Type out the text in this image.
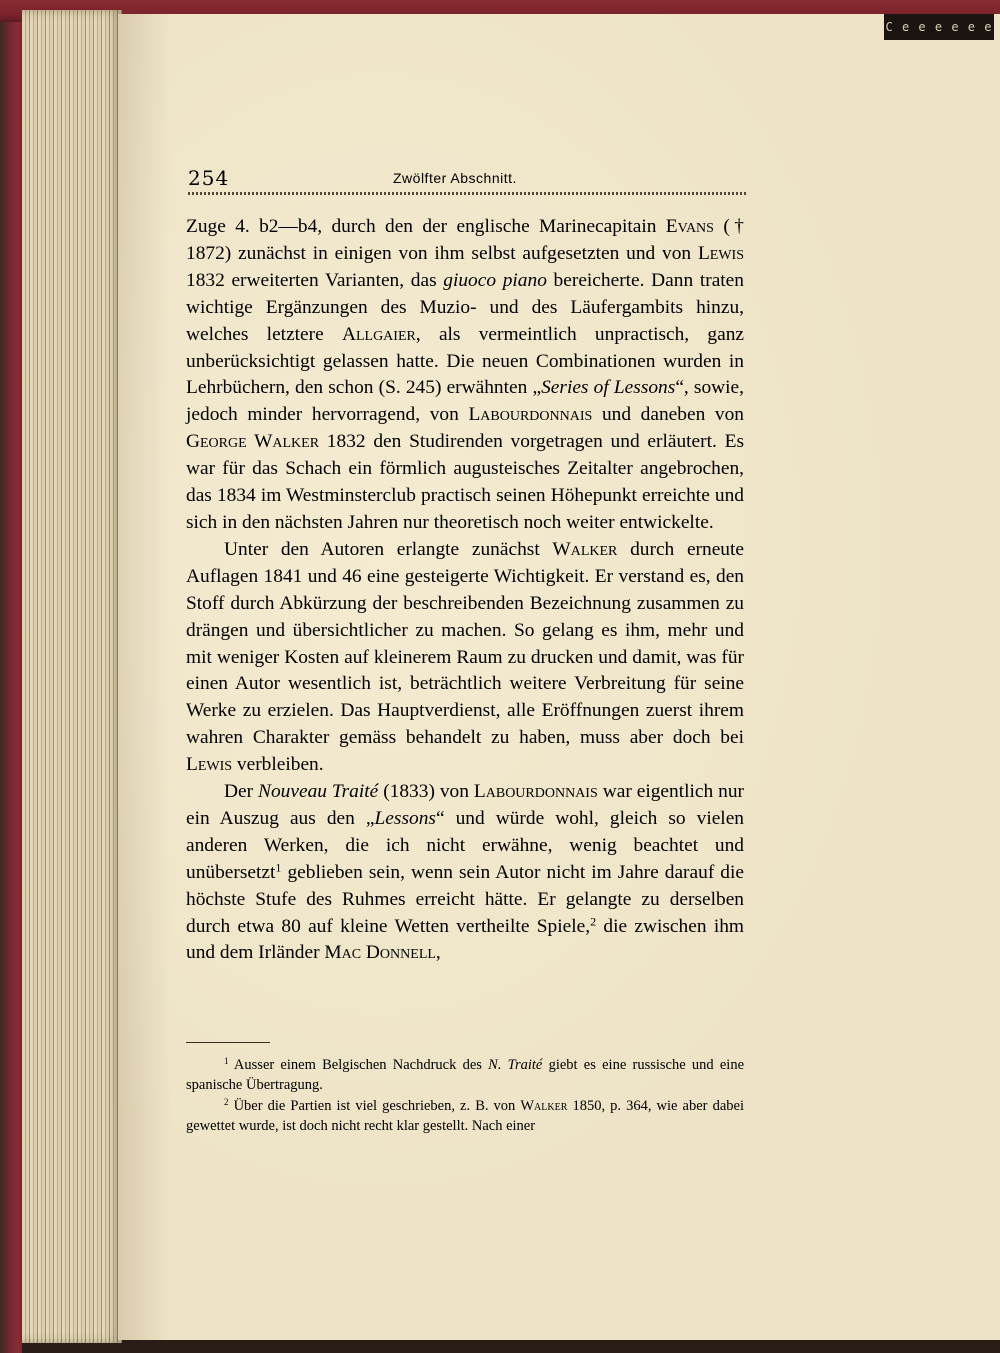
C e e e e e e
254	Zwölfter Abschnitt.

Zuge 4. b2—b4, durch den der englische Marinecapitain Evans († 1872) zunächst in einigen von ihm selbst aufgesetzten und von Lewis 1832 erweiterten Varianten, das giuoco piano bereicherte. Dann traten wichtige Ergänzungen des Muzio- und des Läufergambits hinzu, welches letztere Allgaier, als vermeintlich unpractisch, ganz unberücksichtigt gelassen hatte. Die neuen Combinationen wurden in Lehrbüchern, den schon (S. 245) erwähnten „Series of Lessons“, sowie, jedoch minder hervorragend, von Labourdonnais und daneben von George Walker 1832 den Studirenden vorgetragen und erläutert. Es war für das Schach ein förmlich augusteisches Zeitalter angebrochen, das 1834 im Westminsterclub practisch seinen Höhepunkt erreichte und sich in den nächsten Jahren nur theoretisch noch weiter entwickelte.

Unter den Autoren erlangte zunächst Walker durch erneute Auflagen 1841 und 46 eine gesteigerte Wichtigkeit. Er verstand es, den Stoff durch Abkürzung der beschreibenden Bezeichnung zusammen zu drängen und übersichtlicher zu machen. So gelang es ihm, mehr und mit weniger Kosten auf kleinerem Raum zu drucken und damit, was für einen Autor wesentlich ist, beträchtlich weitere Verbreitung für seine Werke zu erzielen. Das Hauptverdienst, alle Eröffnungen zuerst ihrem wahren Charakter gemäss behandelt zu haben, muss aber doch bei Lewis verbleiben.

Der Nouveau Traité (1833) von Labourdonnais war eigentlich nur ein Auszug aus den „Lessons“ und würde wohl, gleich so vielen anderen Werken, die ich nicht erwähne, wenig beachtet und unübersetzt$^1$ geblieben sein, wenn sein Autor nicht im Jahre darauf die höchste Stufe des Ruhmes erreicht hätte. Er gelangte zu derselben durch etwa 80 auf kleine Wetten vertheilte Spiele,$^2$ die zwischen ihm und dem Irländer Mac Donnell,

$^1$ Ausser einem Belgischen Nachdruck des N. Traité giebt es eine russische und eine spanische Übertragung.

$^2$ Über die Partien ist viel geschrieben, z. B. von Walker 1850, p. 364, wie aber dabei gewettet wurde, ist doch nicht recht klar gestellt. Nach einer
